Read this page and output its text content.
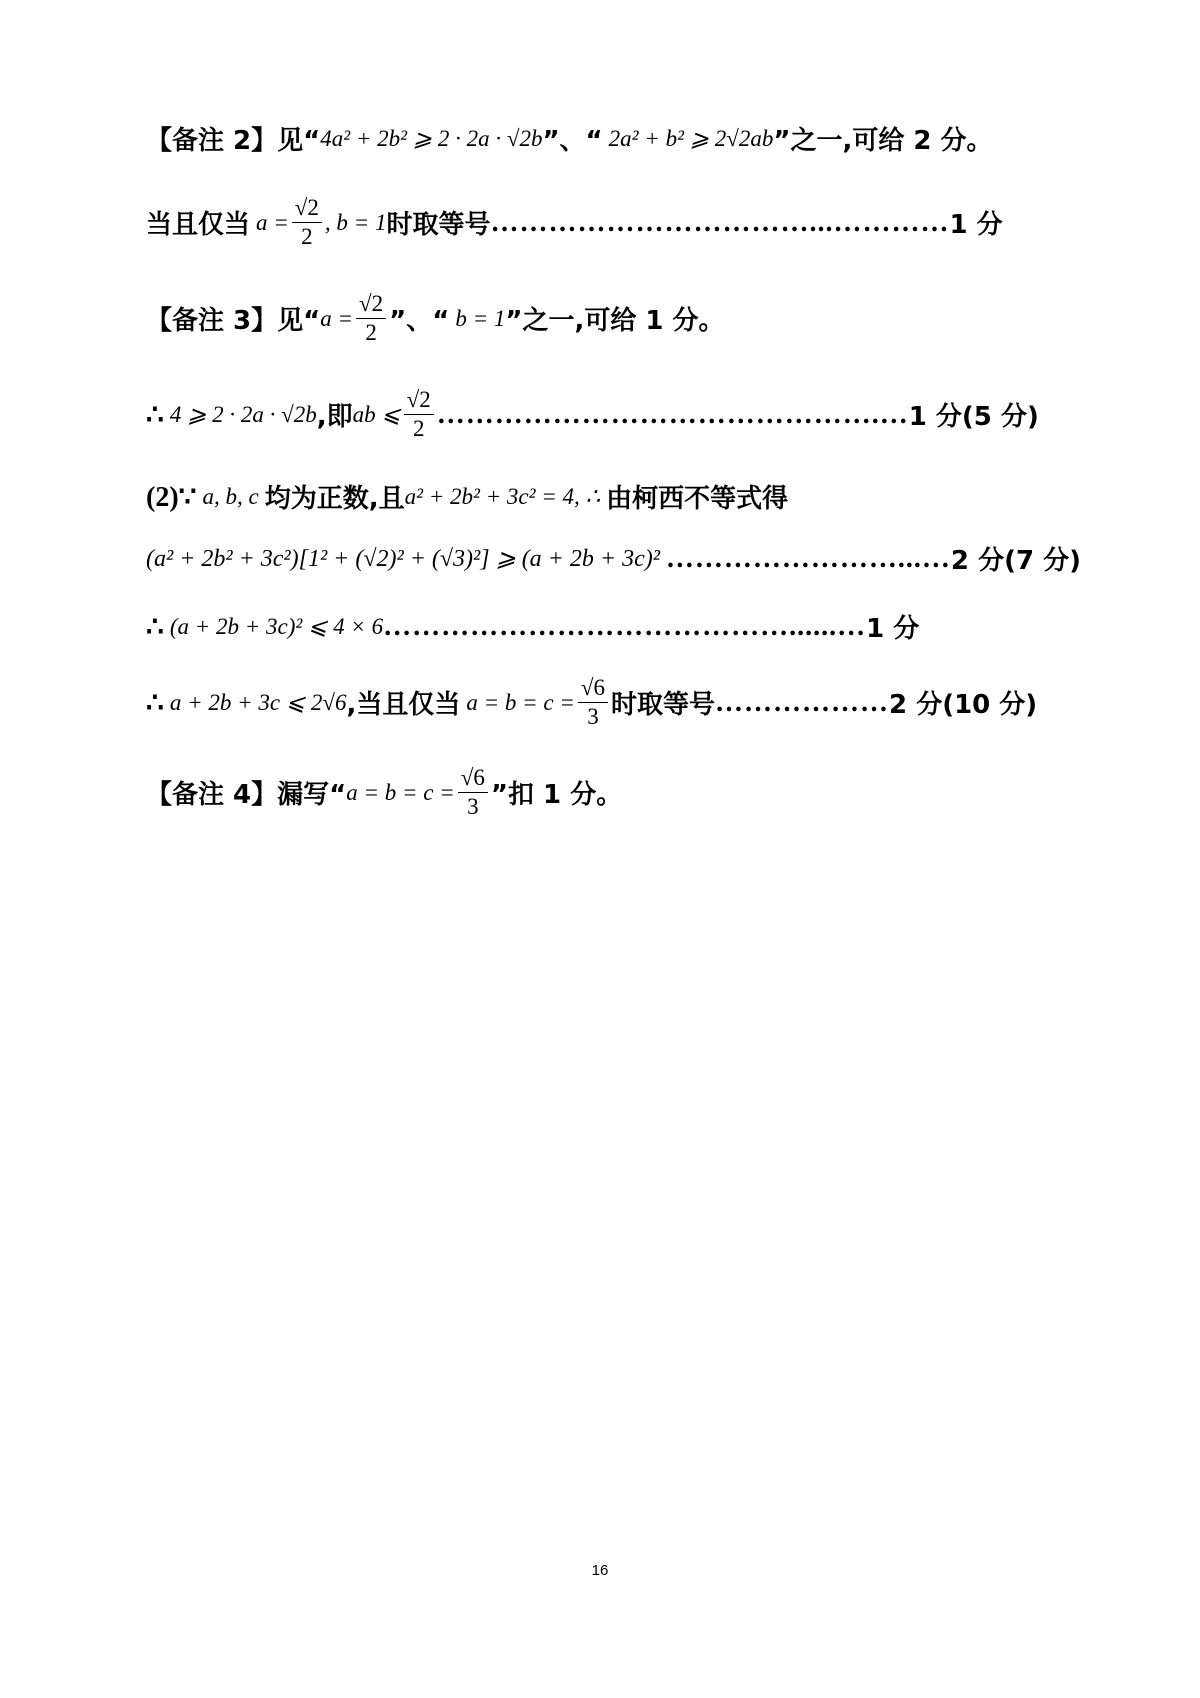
【备注 2】 见“ 4a² + 2b² ⩾ 2 · 2a · √2b ”、“ 2a² + b² ⩾ 2√2ab ”之一,可给 2 分。
当且仅当 $a = \frac{√2}{2}$ , b = 1 时取等号 ……………………………...………… 1 分
【备注 3】 见“ $a = \frac{√2}{2}$ ”、“ b = 1 ”之一,可给 1 分。
∴ 4 ⩾ 2 · 2a · √2b ,即 ab ⩽ $\frac{√2}{2}$ ……………………………………….… 1 分(5 分)
(2)∵ a, b, c 均为正数,且 a² + 2b² + 3c² = 4, ∴ 由柯西不等式得
(a² + 2b² + 3c²)[1² + (√2)² + (√3)²] ⩾ (a + 2b + 3c)² ……………………...… 2 分(7 分)
∴ (a + 2b + 3c)² ⩽ 4 × 6 ……………………………………......… 1 分
∴ a + 2b + 3c ⩽ 2√6 ,当且仅当 $a = b = c = \frac{√6}{3}$ 时取等号 ……………… 2 分(10 分)
【备注 4】 漏写“ $a = b = c = \frac{√6}{3}$ ”扣 1 分。
16
